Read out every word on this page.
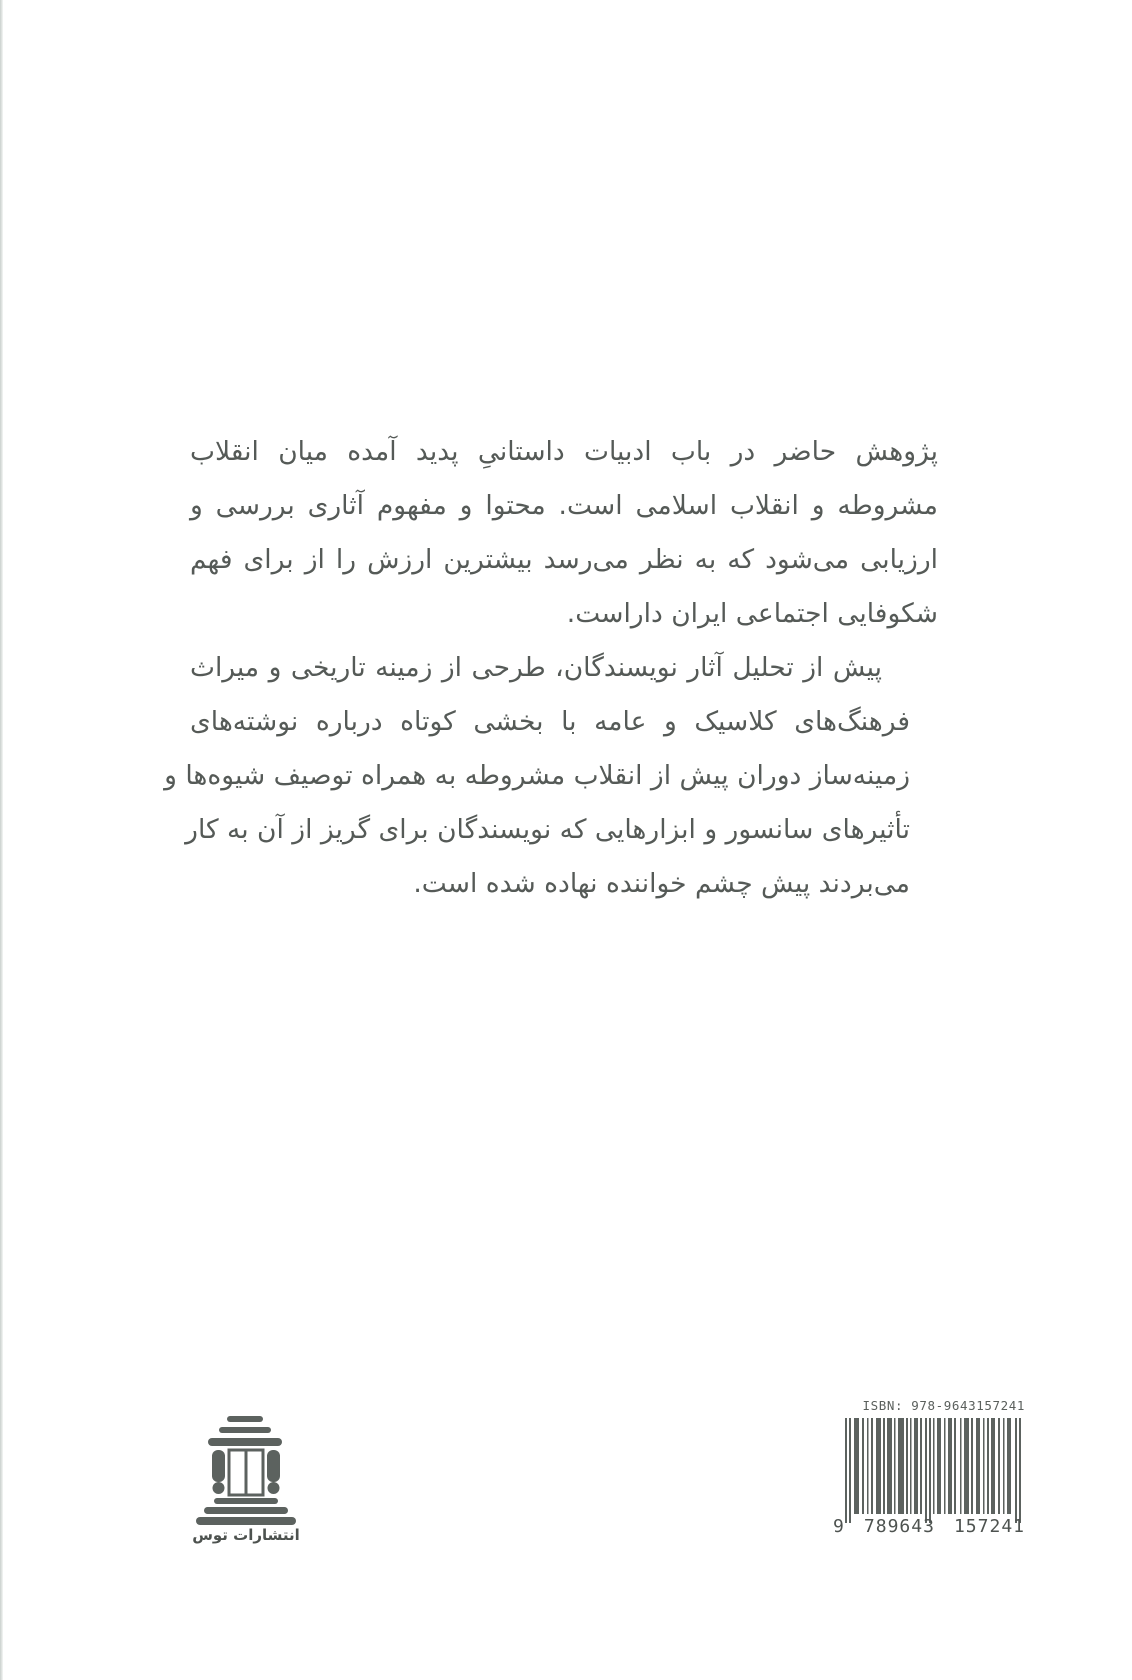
پژوهش حاضر در باب ادبیات داستانیِ پدید آمده میان انقلاب
مشروطه و انقلاب اسلامی است. محتوا و مفهوم آثاری بررسی و
ارزیابی می‌شود که به نظر می‌رسد بیشترین ارزش را از برای فهم
شکوفایی اجتماعی ایران داراست.

پیش از تحلیل آثار نویسندگان، طرحی از زمینه تاریخی و میراث
فرهنگ‌های کلاسیک و عامه با بخشی کوتاه درباره نوشته‌های
زمینه‌ساز دوران پیش از انقلاب مشروطه به همراه توصیف شیوه‌ها و
تأثیرهای سانسور و ابزارهایی که نویسندگان برای گریز از آن به کار
می‌بردند پیش چشم خواننده نهاده شده است.

انتشارات توس
ISBN: 978-9643157241
9 789643 157241
